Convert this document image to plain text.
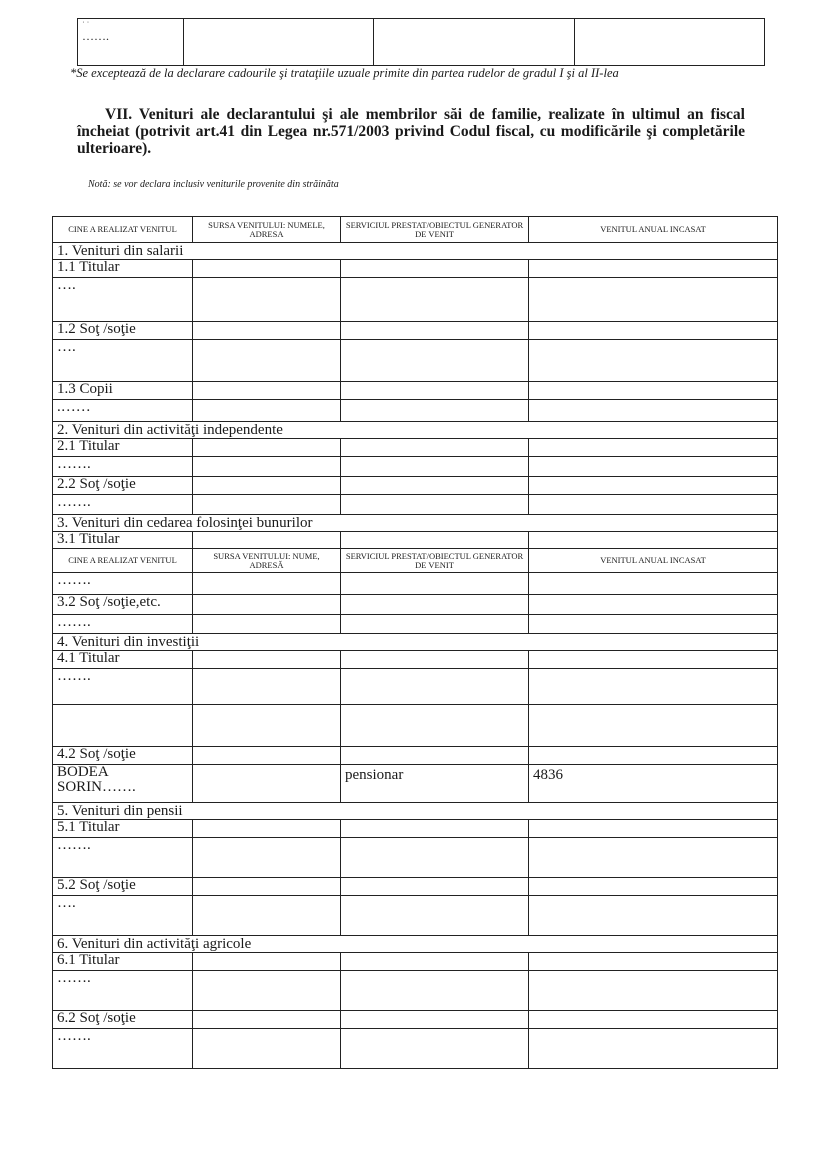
˙ ˙
…….

*Se exceptează de la declarare cadourile şi trataţiile uzuale primite din partea rudelor de gradul I şi al II-lea
VII. Venituri ale declarantului şi ale membrilor săi de familie, realizate în ultimul an fiscal încheiat (potrivit art.41 din Legea nr.571/2003 privind Codul fiscal, cu modificările şi completările ulterioare).
Notă: se vor declara inclusiv veniturile provenite din străinăta
CINE A REALIZAT VENITUL	SURSA VENITULUI: NUMELE, ADRESA	SERVICIUL PRESTAT/OBIECTUL GENERATOR DE VENIT	VENITUL ANUAL INCASAT
1. Venituri din salarii			
1.1 Titular			
….			
1.2 Soţ /soţie			
….			
1.3 Copii			
.……			
2. Venituri din activităţi independente			
2.1 Titular			
…….			
2.2 Soţ /soţie			
…….			
3. Venituri din cedarea folosinţei bunurilor			
3.1 Titular			
CINE A REALIZAT VENITUL	SURSA VENITULUI: NUME, ADRESĂ	SERVICIUL PRESTAT/OBIECTUL GENERATOR DE VENIT	VENITUL ANUAL INCASAT
…….			
3.2 Soţ /soţie,etc.			
…….			
4. Venituri din investiţii			
4.1 Titular			
…….			

4.2 Soţ /soţie			

BODEA
SORIN…….		pensionar	4836

5. Venituri din pensii			
5.1 Titular			
…….			
5.2 Soţ /soţie			
….			
6. Venituri din activităţi agricole			
6.1 Titular			
…….			
6.2 Soţ /soţie			
…….			
